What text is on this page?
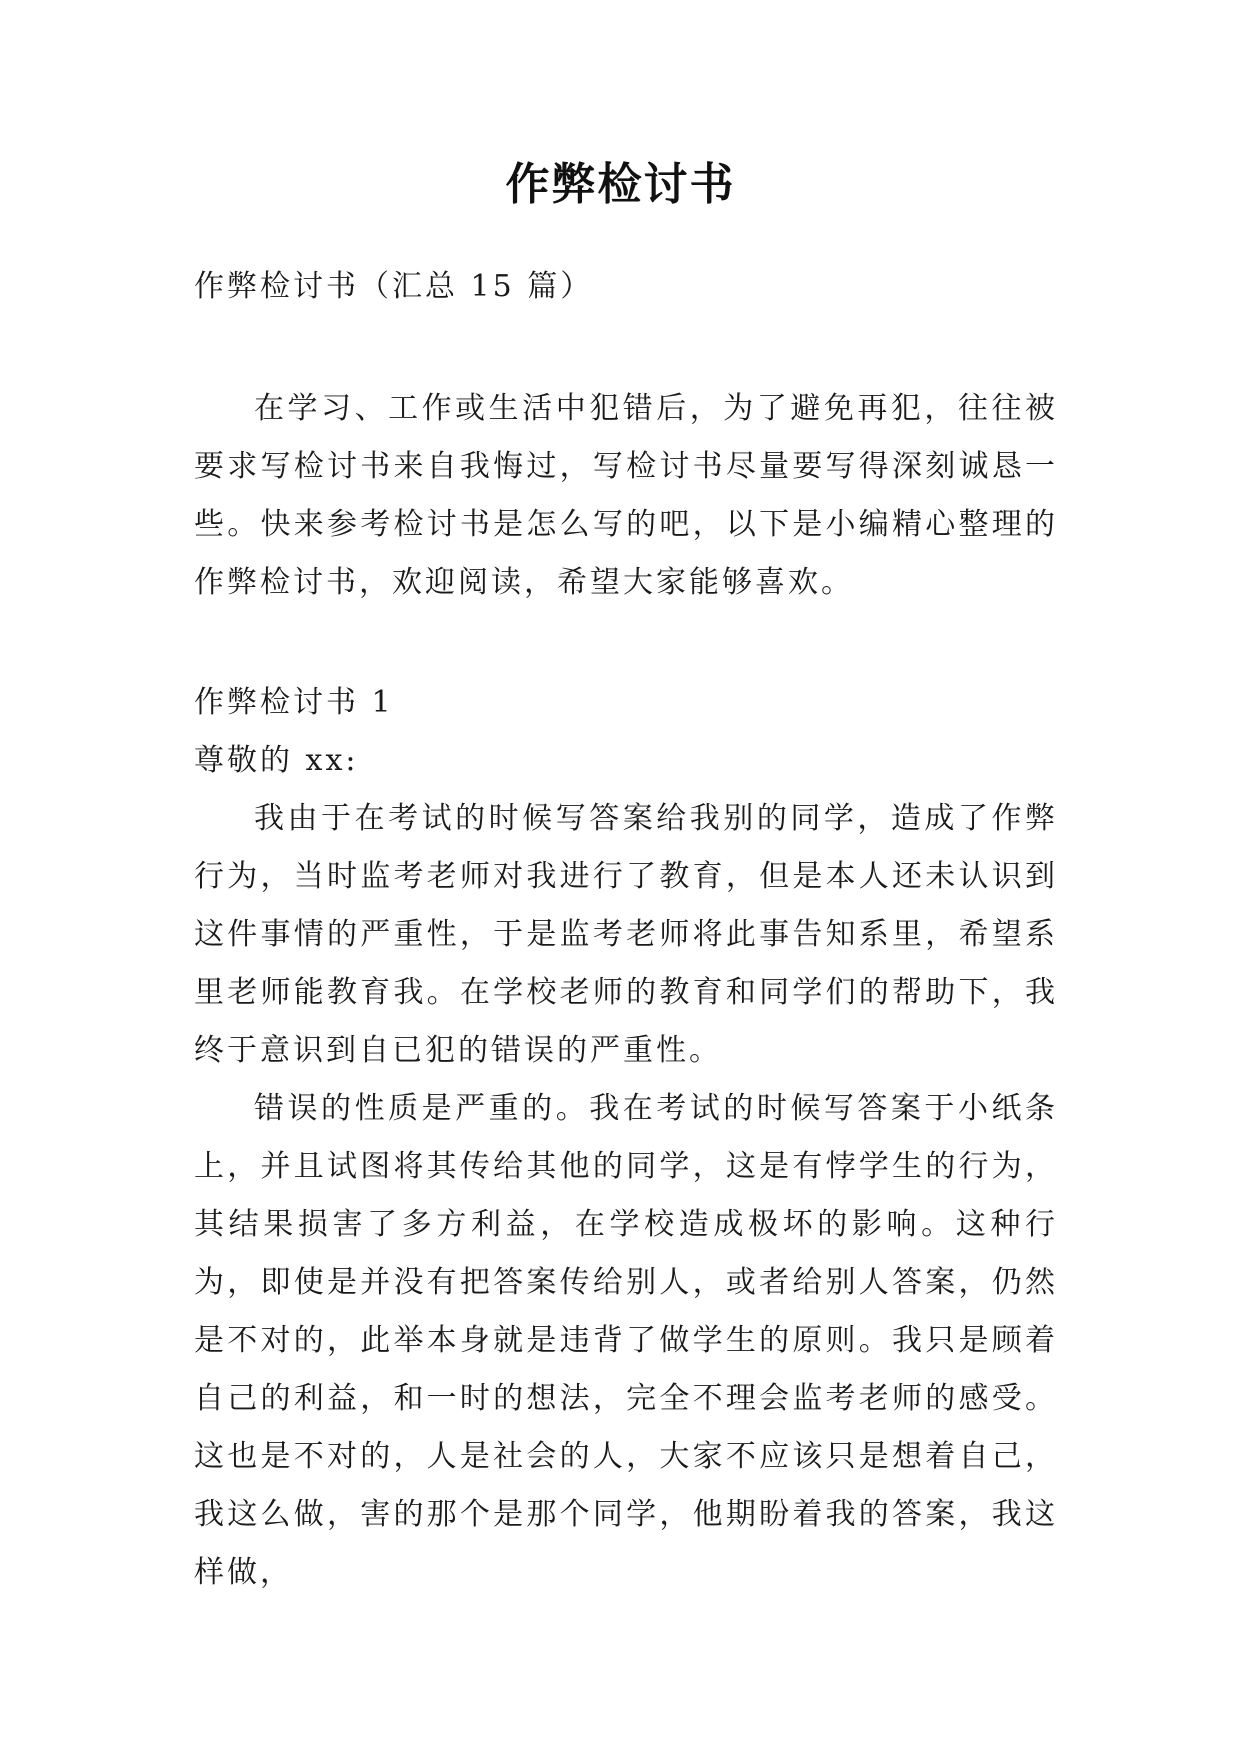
作弊检讨书

作弊检讨书（汇总 15 篇）

在学习、工作或生活中犯错后，为了避免再犯，往往被要求写检讨书来自我悔过，写检讨书尽量要写得深刻诚恳一些。快来参考检讨书是怎么写的吧，以下是小编精心整理的作弊检讨书，欢迎阅读，希望大家能够喜欢。

作弊检讨书 1

尊敬的 xx:

我由于在考试的时候写答案给我别的同学，造成了作弊行为，当时监考老师对我进行了教育，但是本人还未认识到这件事情的严重性，于是监考老师将此事告知系里，希望系里老师能教育我。在学校老师的教育和同学们的帮助下，我终于意识到自已犯的错误的严重性。

错误的性质是严重的。我在考试的时候写答案于小纸条上，并且试图将其传给其他的同学，这是有悖学生的行为，其结果损害了多方利益，在学校造成极坏的影响。这种行为，即使是并没有把答案传给别人，或者给别人答案，仍然是不对的，此举本身就是违背了做学生的原则。我只是顾着自己的利益，和一时的想法，完全不理会监考老师的感受。这也是不对的，人是社会的人，大家不应该只是想着自己，我这么做，害的那个是那个同学，他期盼着我的答案，我这样做，
